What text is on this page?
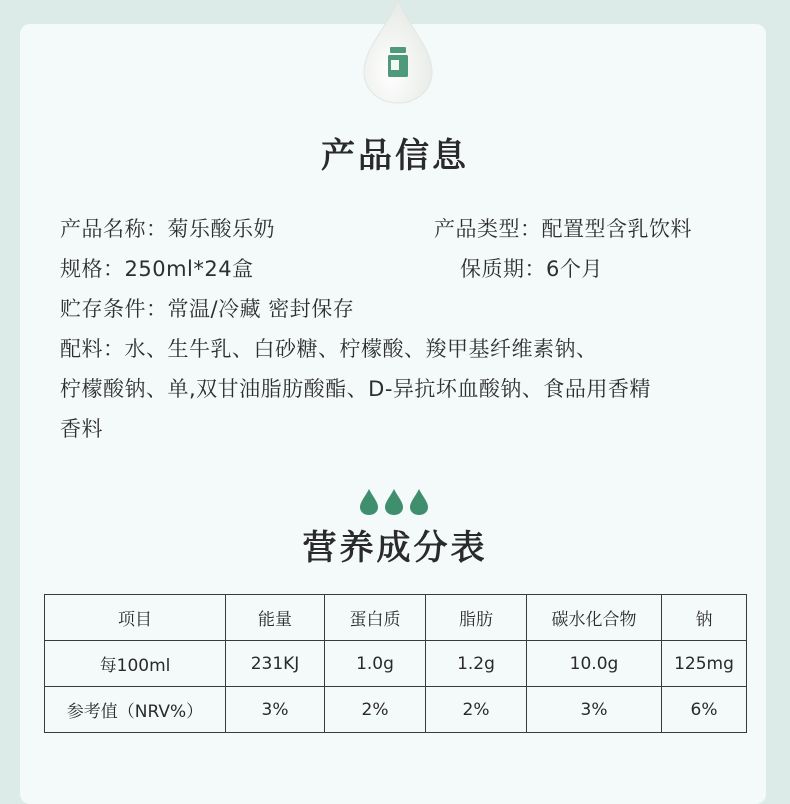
产品信息
产品名称：菊乐酸乐奶	产品类型：配置型含乳饮料
规格：250ml*24盒	保质期：6个月
贮存条件：常温/冷藏 密封保存
配料：水、生牛乳、白砂糖、柠檬酸、羧甲基纤维素钠、
柠檬酸钠、单,双甘油脂肪酸酯、D-异抗坏血酸钠、食品用香精
香料
营养成分表
项目	能量	蛋白质	脂肪	碳水化合物	钠
每100ml	231KJ	1.0g	1.2g	10.0g	125mg
参考值（NRV%）	3%	2%	2%	3%	6%
